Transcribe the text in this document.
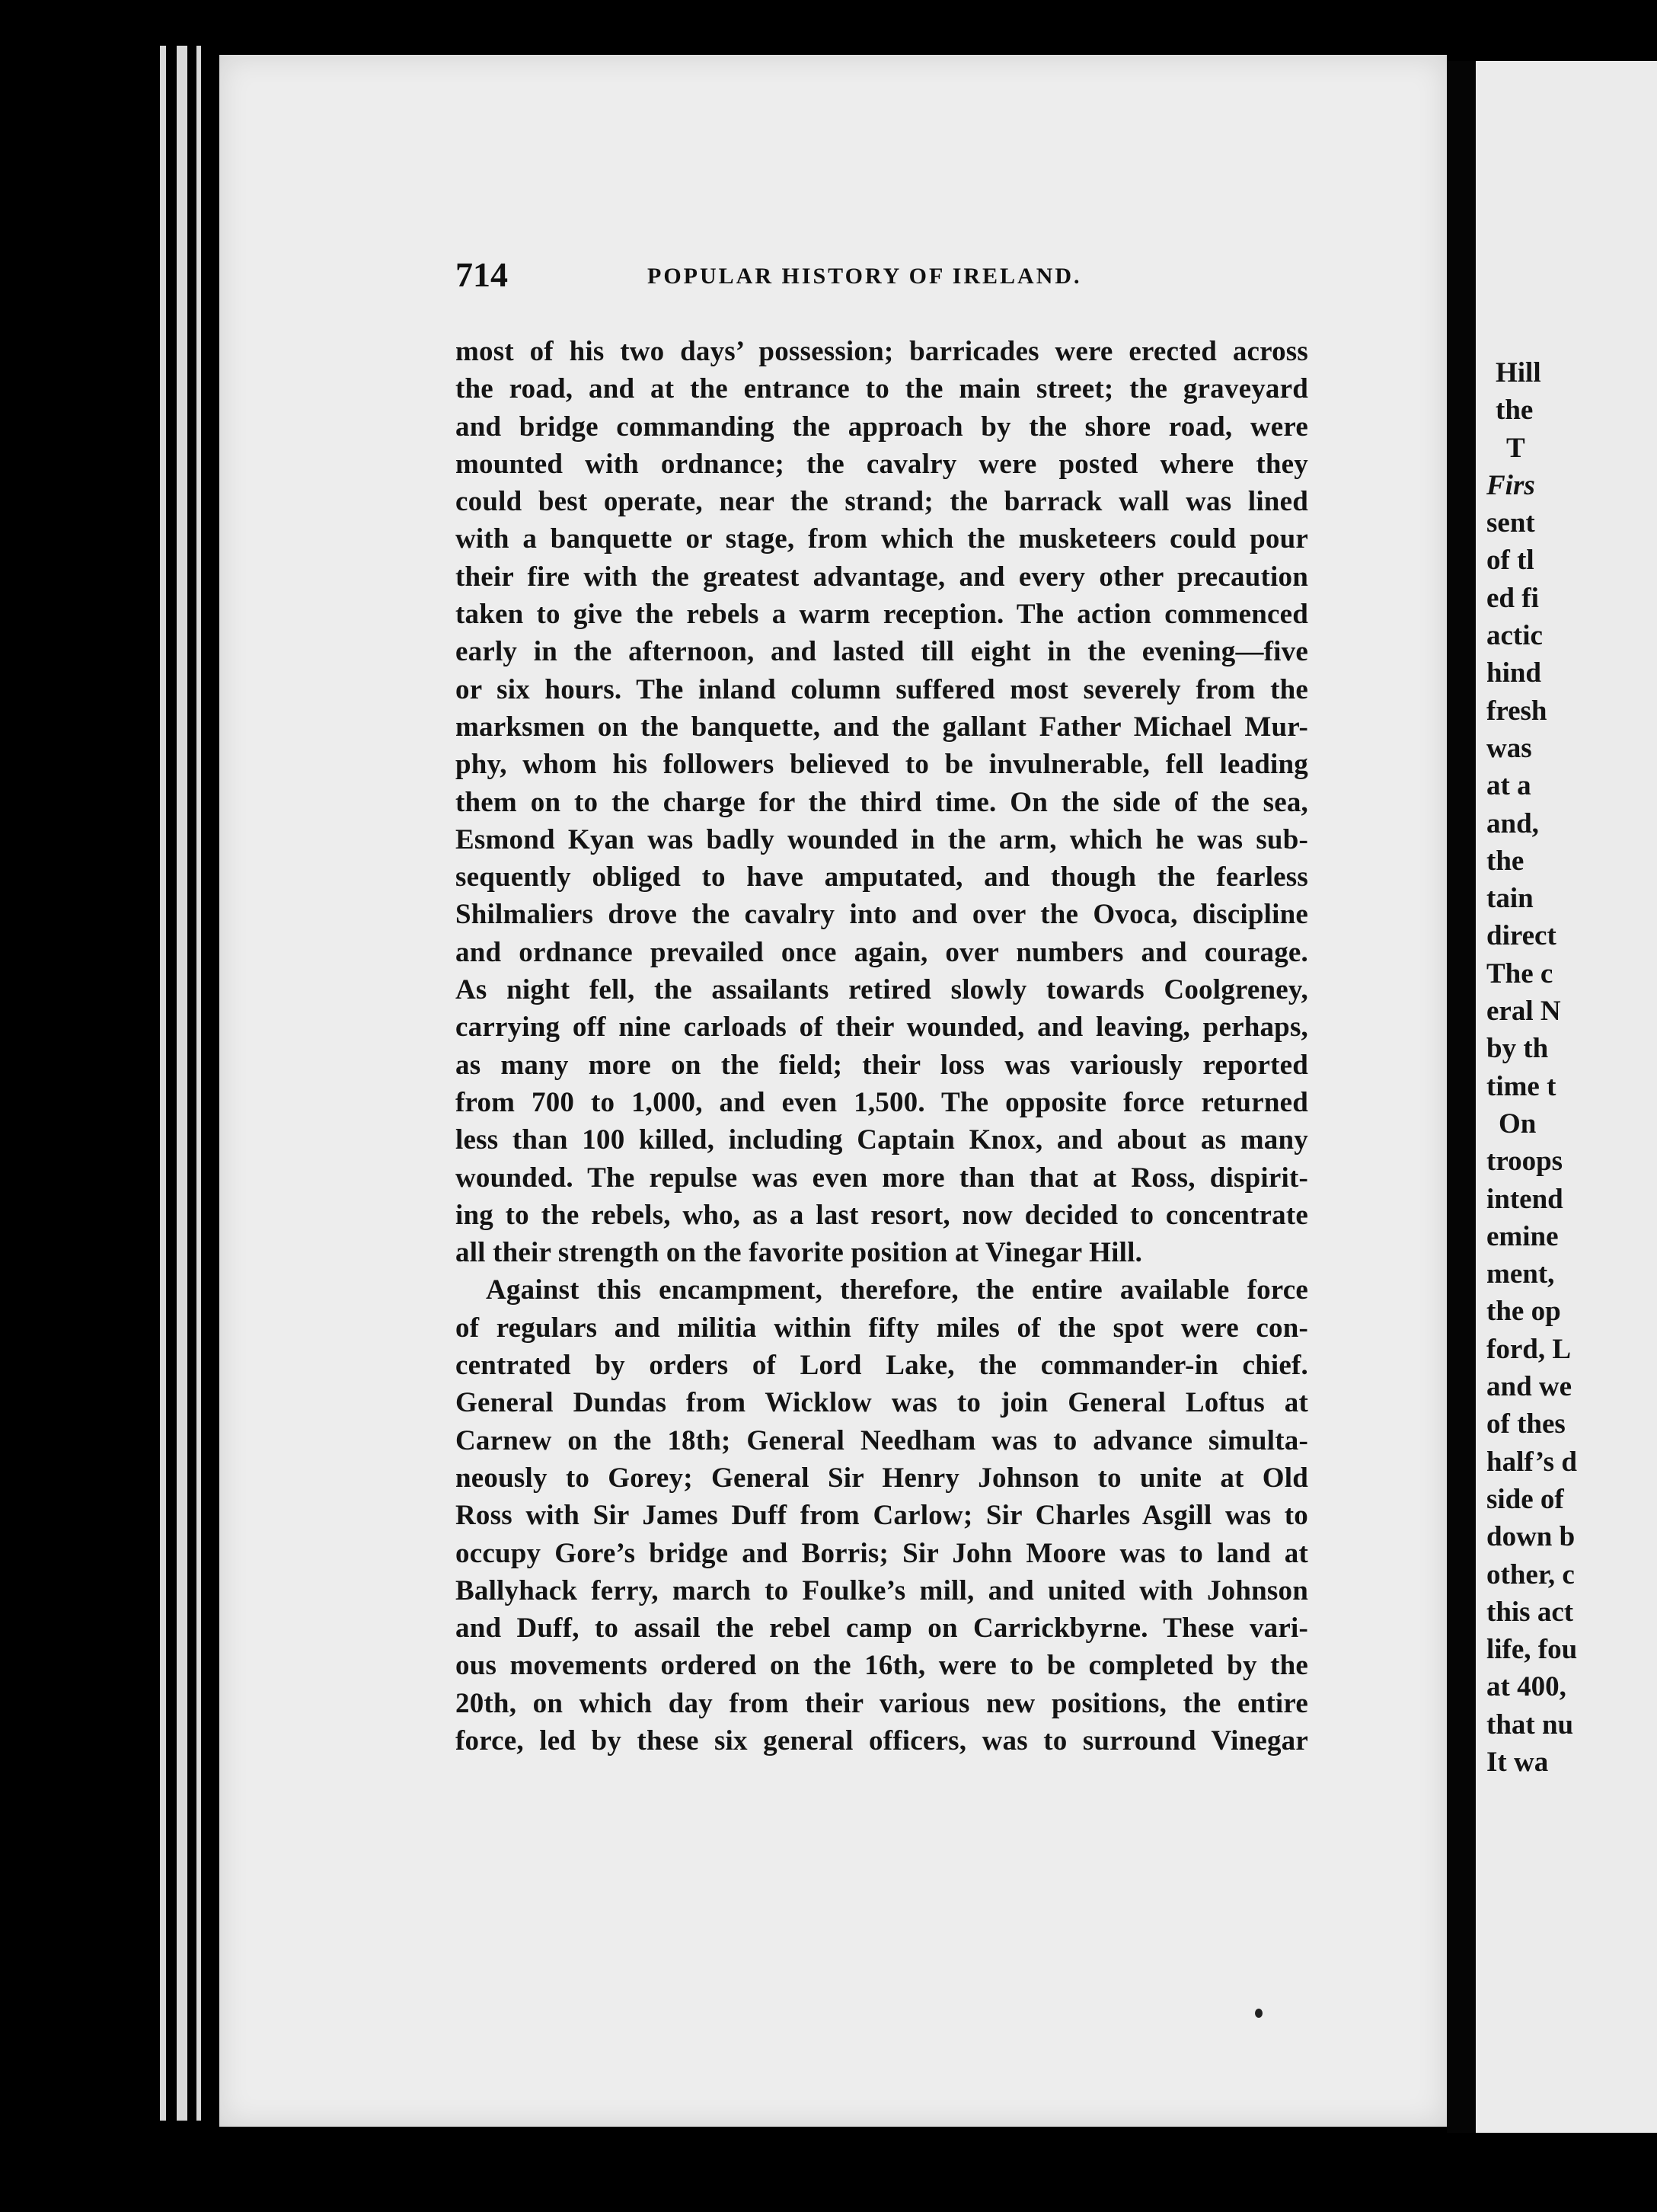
714	POPULAR HISTORY OF IRELAND.
most of his two days’ possession; barricades were erected across
the road, and at the entrance to the main street; the graveyard
and bridge commanding the approach by the shore road, were
mounted with ordnance; the cavalry were posted where they
could best operate, near the strand; the barrack wall was lined
with a banquette or stage, from which the musketeers could pour
their fire with the greatest advantage, and every other precaution
taken to give the rebels a warm reception. The action commenced
early in the afternoon, and lasted till eight in the evening—five
or six hours. The inland column suffered most severely from the
marksmen on the banquette, and the gallant Father Michael Mur-
phy, whom his followers believed to be invulnerable, fell leading
them on to the charge for the third time. On the side of the sea,
Esmond Kyan was badly wounded in the arm, which he was sub-
sequently obliged to have amputated, and though the fearless
Shilmaliers drove the cavalry into and over the Ovoca, discipline
and ordnance prevailed once again, over numbers and courage.
As night fell, the assailants retired slowly towards Coolgreney,
carrying off nine carloads of their wounded, and leaving, perhaps,
as many more on the field; their loss was variously reported
from 700 to 1,000, and even 1,500. The opposite force returned
less than 100 killed, including Captain Knox, and about as many
wounded. The repulse was even more than that at Ross, dispirit-
ing to the rebels, who, as a last resort, now decided to concentrate
all their strength on the favorite position at Vinegar Hill.
Against this encampment, therefore, the entire available force
of regulars and militia within fifty miles of the spot were con-
centrated by orders of Lord Lake, the commander-in chief.
General Dundas from Wicklow was to join General Loftus at
Carnew on the 18th; General Needham was to advance simulta-
neously to Gorey; General Sir Henry Johnson to unite at Old
Ross with Sir James Duff from Carlow; Sir Charles Asgill was to
occupy Gore’s bridge and Borris; Sir John Moore was to land at
Ballyhack ferry, march to Foulke’s mill, and united with Johnson
and Duff, to assail the rebel camp on Carrickbyrne. These vari-
ous movements ordered on the 16th, were to be completed by the
20th, on which day from their various new positions, the entire
force, led by these six general officers, was to surround Vinegar
Hill
the
T
Firs
sent
of tl
ed fi
actic
hind
fresh
was
at a
and,
the
tain
direct
The c
eral N
by th
time t
On
troops
intend
emine
ment,
the op
ford, L
and we
of thes
half’s d
side of
down b
other, c
this act
life, fou
at 400,
that nu
It wa
